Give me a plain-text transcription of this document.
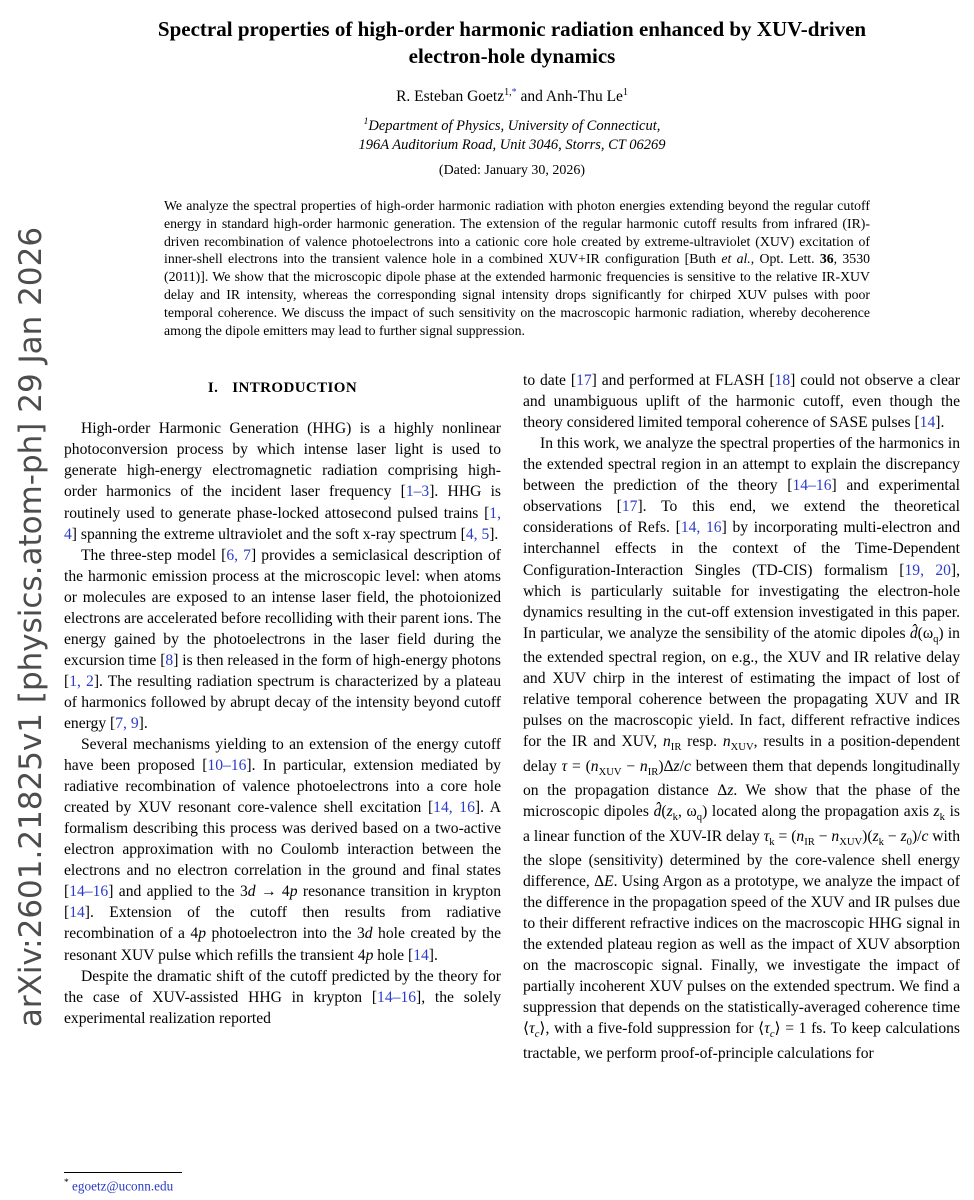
arXiv:2601.21825v1 [physics.atom-ph] 29 Jan 2026
Spectral properties of high-order harmonic radiation enhanced by XUV-driven electron-hole dynamics
R. Esteban Goetz$^{1,*}$ and Anh-Thu Le$^1$
$^1$Department of Physics, University of Connecticut,
196A Auditorium Road, Unit 3046, Storrs, CT 06269
(Dated: January 30, 2026)
We analyze the spectral properties of high-order harmonic radiation with photon energies extending beyond the regular cutoff energy in standard high-order harmonic generation. The extension of the regular harmonic cutoff results from infrared (IR)-driven recombination of valence photoelectrons into a cationic core hole created by extreme-ultraviolet (XUV) excitation of inner-shell electrons into the transient valence hole in a combined XUV+IR configuration [Buth et al., Opt. Lett. 36, 3530 (2011)]. We show that the microscopic dipole phase at the extended harmonic frequencies is sensitive to the relative IR-XUV delay and IR intensity, whereas the corresponding signal intensity drops significantly for chirped XUV pulses with poor temporal coherence. We discuss the impact of such sensitivity on the macroscopic harmonic radiation, whereby decoherence among the dipole emitters may lead to further signal suppression.
I. INTRODUCTION

High-order Harmonic Generation (HHG) is a highly nonlinear photoconversion process by which intense laser light is used to generate high-energy electromagnetic radiation comprising high-order harmonics of the incident laser frequency [1–3]. HHG is routinely used to generate phase-locked attosecond pulsed trains [1, 4] spanning the extreme ultraviolet and the soft x-ray spectrum [4, 5].

The three-step model [6, 7] provides a semiclasical description of the harmonic emission process at the microscopic level: when atoms or molecules are exposed to an intense laser field, the photoionized electrons are accelerated before recolliding with their parent ions. The energy gained by the photoelectrons in the laser field during the excursion time [8] is then released in the form of high-energy photons [1, 2]. The resulting radiation spectrum is characterized by a plateau of harmonics followed by abrupt decay of the intensity beyond cutoff energy [7, 9].

Several mechanisms yielding to an extension of the energy cutoff have been proposed [10–16]. In particular, extension mediated by radiative recombination of valence photoelectrons into a core hole created by XUV resonant core-valence shell excitation [14, 16]. A formalism describing this process was derived based on a two-active electron approximation with no Coulomb interaction between the electrons and no electron correlation in the ground and final states [14–16] and applied to the 3d → 4p resonance transition in krypton [14]. Extension of the cutoff then results from radiative recombination of a 4p photoelectron into the 3d hole created by the resonant XUV pulse which refills the transient 4p hole [14].

Despite the dramatic shift of the cutoff predicted by the theory for the case of XUV-assisted HHG in krypton [14–16], the solely experimental realization reported

to date [17] and performed at FLASH [18] could not observe a clear and unambiguous uplift of the harmonic cutoff, even though the theory considered limited temporal coherence of SASE pulses [14].

In this work, we analyze the spectral properties of the harmonics in the extended spectral region in an attempt to explain the discrepancy between the prediction of the theory [14–16] and experimental observations [17]. To this end, we extend the theoretical considerations of Refs. [14, 16] by incorporating multi-electron and interchannel effects in the context of the Time-Dependent Configuration-Interaction Singles (TD-CIS) formalism [19, 20], which is particularly suitable for investigating the electron-hole dynamics resulting in the cut-off extension investigated in this paper. In particular, we analyze the sensibility of the atomic dipoles $d̂(\omega_q)$ in the extended spectral region, on e.g., the XUV and IR relative delay and XUV chirp in the interest of estimating the impact of lost of relative temporal coherence between the propagating XUV and IR pulses on the macroscopic yield. In fact, different refractive indices for the IR and XUV, $n_{IR}$ resp. $n_{XUV}$, results in a position-dependent delay $\tau = (n_{XUV} - n_{IR})\Delta z/c$ between them that depends longitudinally on the propagation distance Δz. We show that the phase of the microscopic dipoles $d̂(z_k$, $\omega_q$) located along the propagation axis $z_k$ is a linear function of the XUV-IR delay $\tau_k = (n_{IR} - n_{XUV})(z_k - z_0)/c$ with the slope (sensitivity) determined by the core-valence shell energy difference, ΔE. Using Argon as a prototype, we analyze the impact of the difference in the propagation speed of the XUV and IR pulses due to their different refractive indices on the macroscopic HHG signal in the extended plateau region as well as the impact of XUV absorption on the macroscopic signal. Finally, we investigate the impact of partially incoherent XUV pulses on the extended spectrum. We find a suppression that depends on the statistically-averaged coherence time $⟨\tau_c⟩$, with a five-fold suppression for $⟨\tau_c⟩ = 1$ fs. To keep calculations tractable, we perform proof-of-principle calculations for

* egoetz@uconn.edu
